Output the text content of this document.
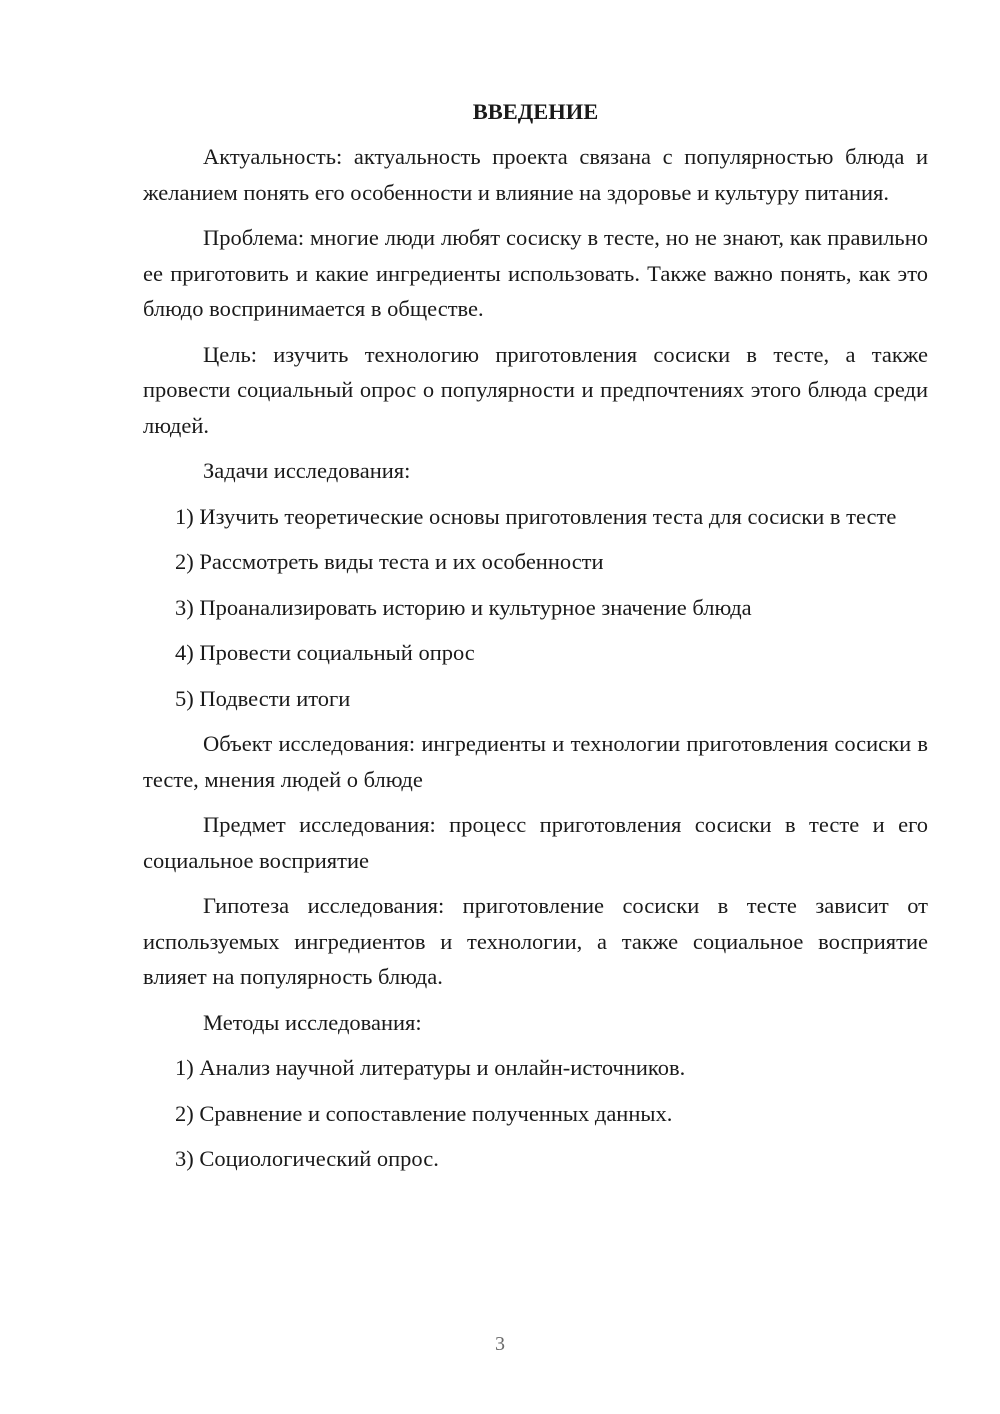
ВВЕДЕНИЕ

Актуальность: актуальность проекта связана с популярностью блюда и желанием понять его особенности и влияние на здоровье и культуру питания.

Проблема: многие люди любят сосиску в тесте, но не знают, как правильно ее приготовить и какие ингредиенты использовать. Также важно понять, как это блюдо воспринимается в обществе.

Цель: изучить технологию приготовления сосиски в тесте, а также провести социальный опрос о популярности и предпочтениях этого блюда среди людей.

Задачи исследования:

1) Изучить теоретические основы приготовления теста для сосиски в тесте

2) Рассмотреть виды теста и их особенности

3) Проанализировать историю и культурное значение блюда

4) Провести социальный опрос

5) Подвести итоги

Объект исследования: ингредиенты и технологии приготовления сосиски в тесте, мнения людей о блюде

Предмет исследования: процесс приготовления сосиски в тесте и его социальное восприятие

Гипотеза исследования: приготовление сосиски в тесте зависит от используемых ингредиентов и технологии, а также социальное восприятие влияет на популярность блюда.

Методы исследования:

1) Анализ научной литературы и онлайн-источников.

2) Сравнение и сопоставление полученных данных.

3) Социологический опрос.

3
